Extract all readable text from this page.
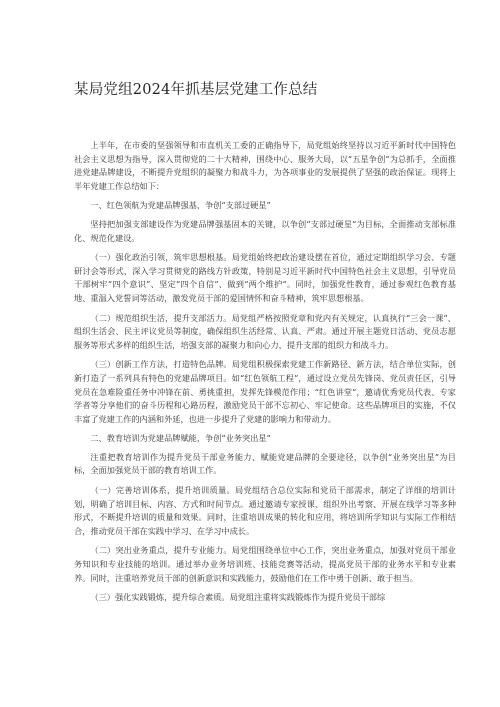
某局党组2024年抓基层党建工作总结

上半年，在市委的坚强领导和市直机关工委的正确指导下，局党组始终坚持以习近平新时代中国特色社会主义思想为指导，深入贯彻党的二十大精神，围绕中心、服务大局，以“五星争创”为总抓手，全面推进党建品牌建设，不断提升党组织的凝聚力和战斗力，为各项事业的发展提供了坚强的政治保证。现将上半年党建工作总结如下：

一、红色领航为党建品牌强基，争创“支部过硬星”

坚持把加强支部建设作为党建品牌强基固本的关键，以争创“支部过硬星”为目标，全面推动支部标准化、规范化建设。

（一）强化政治引领，筑牢思想根基。局党组始终把政治建设摆在首位，通过定期组织学习会、专题研讨会等形式，深入学习贯彻党的路线方针政策，特别是习近平新时代中国特色社会主义思想，引导党员干部树牢“四个意识”、坚定“四个自信”、做到“两个维护”。同时，加强党性教育，通过参观红色教育基地、重温入党誓词等活动，激发党员干部的爱国情怀和奋斗精神，筑牢思想根基。

（二）规范组织生活，提升支部活力。局党组严格按照党章和党内有关规定，认真执行“三会一课”、组织生活会、民主评议党员等制度，确保组织生活经常、认真、严肃。通过开展主题党日活动、党员志愿服务等形式多样的组织生活，培强支部的凝聚力和向心力，提升支部的组织力和战斗力。

（三）创新工作方法，打造特色品牌。局党组积极探索党建工作新路径、新方法，结合单位实际，创新打造了一系列具有特色的党建品牌项目。如“红色领航工程”，通过设立党员先锋岗、党员责任区，引导党员在急难险重任务中冲锋在前、勇挑重担，发挥先锋模范作用；“红色讲堂”，邀请优秀党员代表、专家学者等分享他们的奋斗历程和心路历程，激励党员干部不忘初心、牢记使命。这些品牌项目的实施，不仅丰富了党建工作的内涵和外延，也进一步提升了党建的影响力和带动力。

二、教育培训为党建品牌赋能，争创“业务突出星”

注重把教育培训作为提升党员干部业务能力、赋能党建品牌的全要途径，以争创“业务突出星”为目标，全面加强党员干部的教育培训工作。

（一）完善培训体系，提升培训质量。局党组结合总位实际和党员干部需求，制定了详细的培训计划，明确了培训目标、内容、方式和时间节点。通过邀请专家授课、组织外出考察、开展在线学习等多种形式，不断提升培训的质量和效果。同时，注重培训成果的转化和应用，将培训所学知识与实际工作相结合，推动党员干部在实践中学习、在学习中成长。

（二）突出业务重点，提升专业能力。局党组围绕单位中心工作，突出业务重点，加强对党员干部业务知识和专业技能的培训。通过举办业务培训班、技能竞赛等活动，提高党员干部的业务水平和专业素养。同时，注重培养党员干部的创新意识和实践能力，鼓励他们在工作中勇于创新、敢于担当。

（三）强化实践锻炼，提升综合素质。局党组注重将实践锻炼作为提升党员干部综
